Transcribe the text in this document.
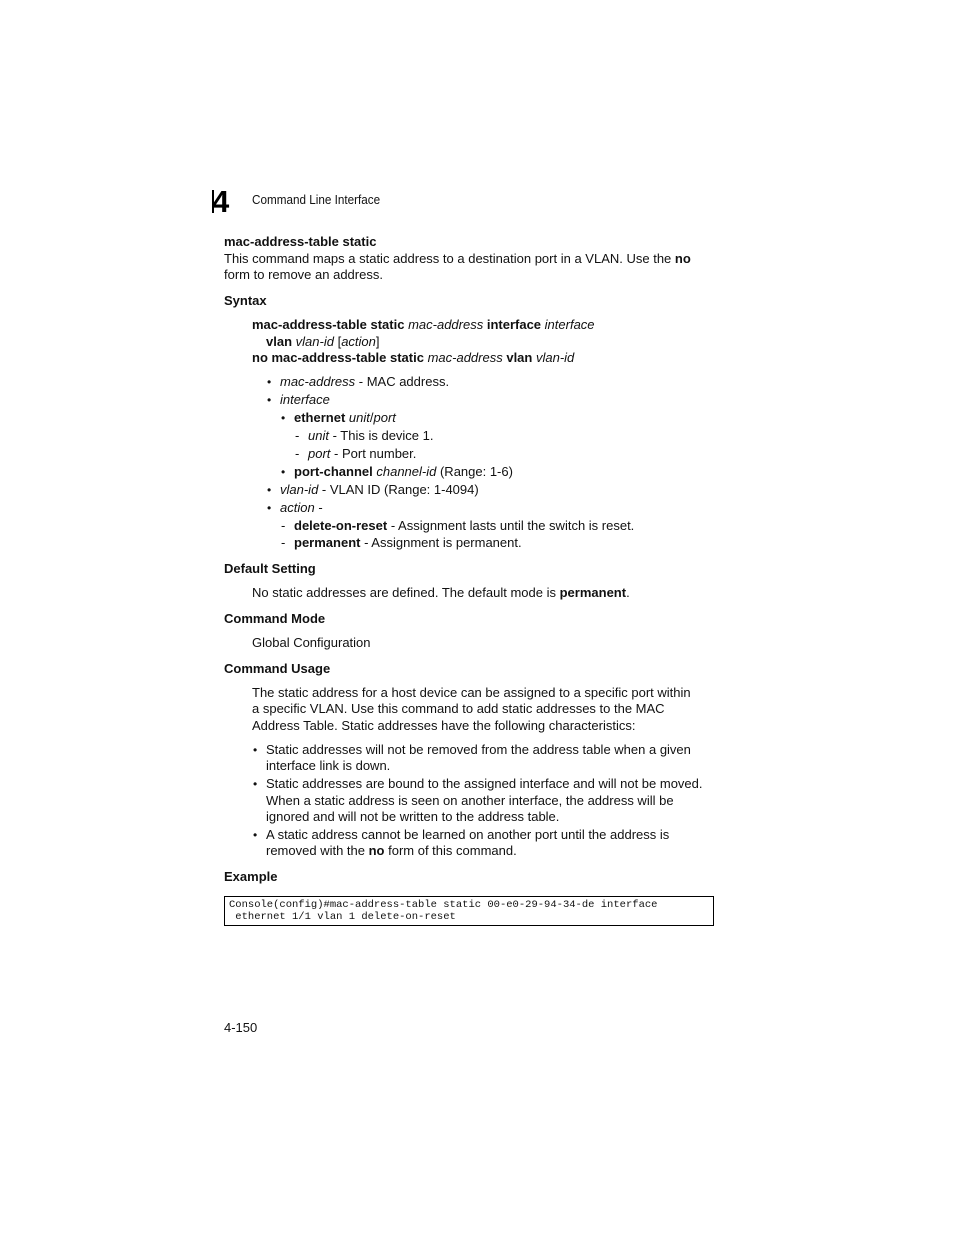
4 Command Line Interface
mac-address-table static
This command maps a static address to a destination port in a VLAN. Use the no
form to remove an address.
Syntax
mac-address-table static mac-address interface interface
vlan vlan-id [action]
no mac-address-table static mac-address vlan vlan-id
• mac-address - MAC address.
• interface
• ethernet unit/port
- unit - This is device 1.
- port - Port number.
• port-channel channel-id (Range: 1-6)
• vlan-id - VLAN ID (Range: 1-4094)
• action -
- delete-on-reset - Assignment lasts until the switch is reset.
- permanent - Assignment is permanent.
Default Setting
No static addresses are defined. The default mode is permanent.
Command Mode
Global Configuration
Command Usage
The static address for a host device can be assigned to a specific port within
a specific VLAN. Use this command to add static addresses to the MAC
Address Table. Static addresses have the following characteristics:
• Static addresses will not be removed from the address table when a given
interface link is down.
• Static addresses are bound to the assigned interface and will not be moved.
When a static address is seen on another interface, the address will be
ignored and will not be written to the address table.
• A static address cannot be learned on another port until the address is
removed with the no form of this command.
Example
Console(config)#mac-address-table static 00-e0-29-94-34-de interface
ethernet 1/1 vlan 1 delete-on-reset
4-150
